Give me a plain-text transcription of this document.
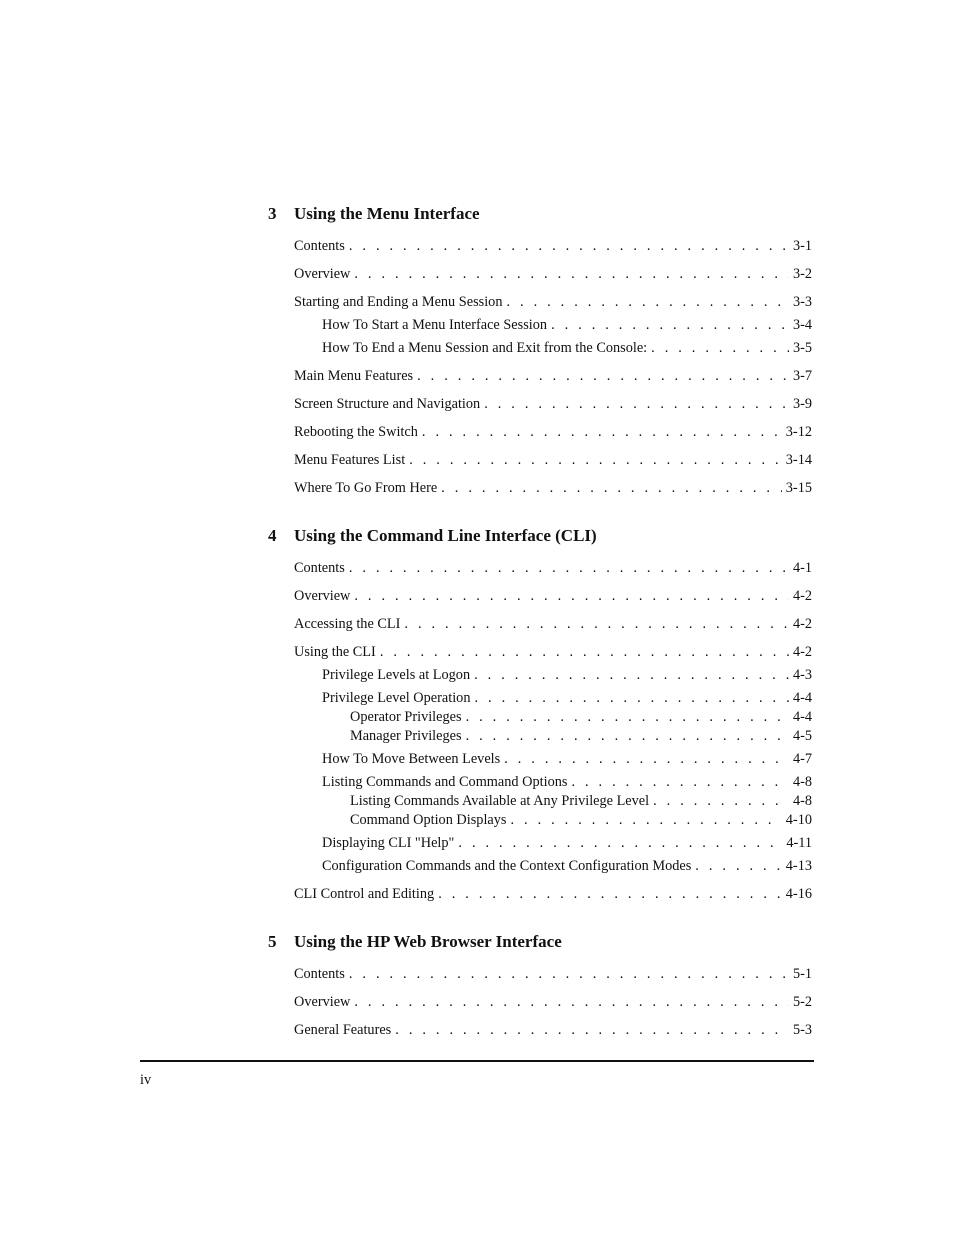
3	Using the Menu Interface
Contents . . .	3-1
Overview . . .	3-2
Starting and Ending a Menu Session . . .	3-3
How To Start a Menu Interface Session . . .	3-4
How To End a Menu Session and Exit from the Console: . . .	3-5
Main Menu Features . . .	3-7
Screen Structure and Navigation . . .	3-9
Rebooting the Switch . . .	3-12
Menu Features List . . .	3-14
Where To Go From Here . . .	3-15
4	Using the Command Line Interface (CLI)
Contents . . .	4-1
Overview . . .	4-2
Accessing the CLI . . .	4-2
Using the CLI . . .	4-2
Privilege Levels at Logon . . .	4-3
Privilege Level Operation . . .	4-4
Operator Privileges . . .	4-4
Manager Privileges . . .	4-5
How To Move Between Levels . . .	4-7
Listing Commands and Command Options . . .	4-8
Listing Commands Available at Any Privilege Level . . .	4-8
Command Option Displays . . .	4-10
Displaying CLI "Help" . . .	4-11
Configuration Commands and the Context Configuration Modes . . .	4-13
CLI Control and Editing . . .	4-16
5	Using the HP Web Browser Interface
Contents . . .	5-1
Overview . . .	5-2
General Features . . .	5-3
iv
